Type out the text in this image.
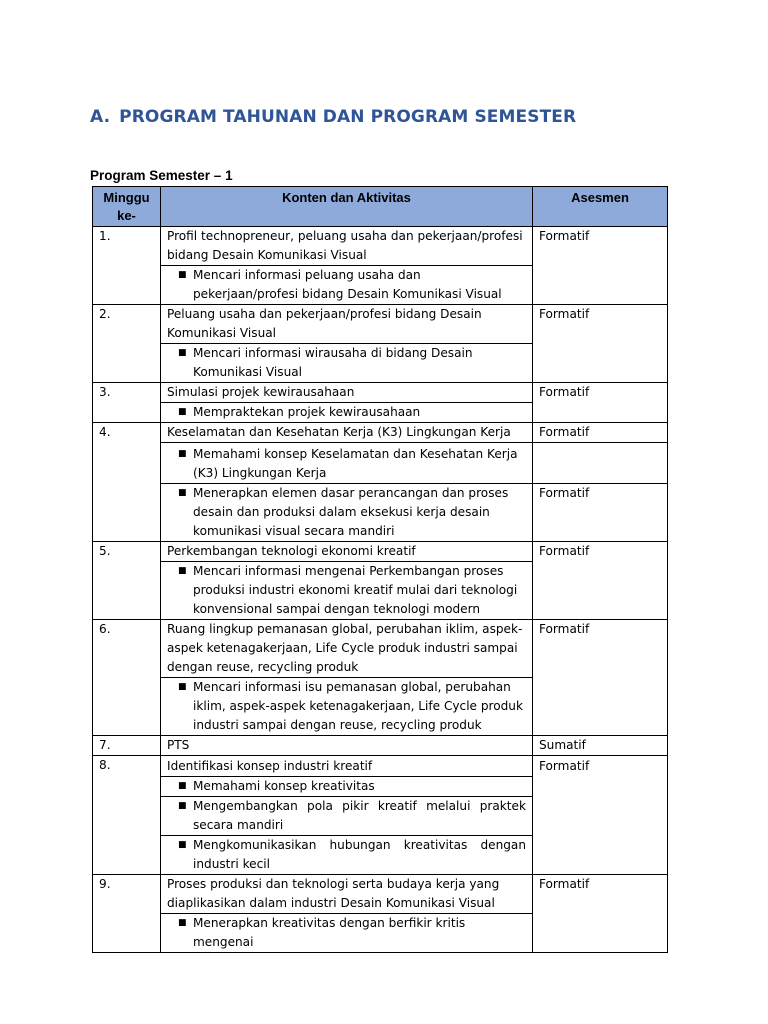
A. PROGRAM TAHUNAN DAN PROGRAM SEMESTER

Program Semester – 1

Minggu ke-	Konten dan Aktivitas	Asesmen
1.	Profil technopreneur, peluang usaha dan pekerjaan/profesi bidang Desain Komunikasi Visual	Formatif

	■ Mencari informasi peluang usaha dan pekerjaan/profesi bidang Desain Komunikasi Visual	

2.	Peluang usaha dan pekerjaan/profesi bidang Desain Komunikasi Visual	Formatif

	■ Mencari informasi wirausaha di bidang Desain Komunikasi Visual	

3.	Simulasi projek kewirausahaan	Formatif

	■ Mempraktekan projek kewirausahaan	

4.	Keselamatan dan Kesehatan Kerja (K3) Lingkungan Kerja	Formatif

	■ Memahami konsep Keselamatan dan Kesehatan Kerja (K3) Lingkungan Kerja	

	■ Menerapkan elemen dasar perancangan dan proses desain dan produksi dalam eksekusi kerja desain komunikasi visual secara mandiri	Formatif
5.	Perkembangan teknologi ekonomi kreatif	Formatif

	■ Mencari informasi mengenai Perkembangan proses produksi industri ekonomi kreatif mulai dari teknologi konvensional sampai dengan teknologi modern	

6.	Ruang lingkup pemanasan global, perubahan iklim, aspek-aspek ketenagakerjaan, Life Cycle produk industri sampai dengan reuse, recycling produk	Formatif

	■ Mencari informasi isu pemanasan global, perubahan iklim, aspek-aspek ketenagakerjaan, Life Cycle produk industri sampai dengan reuse, recycling produk	

7.	PTS	Sumatif
8.	Identifikasi konsep industri kreatif	Formatif

	■ Memahami konsep kreativitas	

	■ Mengembangkan pola pikir kreatif melalui praktek secara mandiri	

	■ Mengkomunikasikan hubungan kreativitas dengan industri kecil	

9.	Proses produksi dan teknologi serta budaya kerja yang diaplikasikan dalam industri Desain Komunikasi Visual	Formatif

	■ Menerapkan kreativitas dengan berfikir kritis mengenai	
